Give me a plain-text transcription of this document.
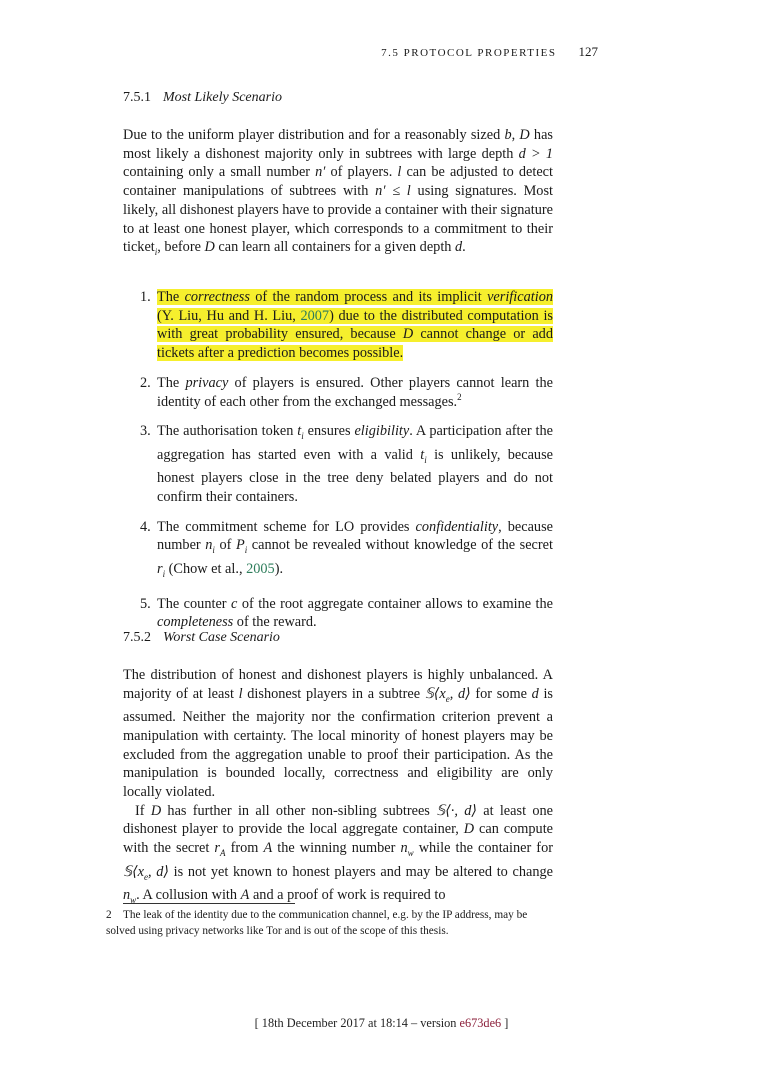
7.5 PROTOCOL PROPERTIES 127
7.5.1 Most Likely Scenario

Due to the uniform player distribution and for a reasonably sized b, D has most likely a dishonest majority only in subtrees with large depth d > 1 containing only a small number n′ of players. l can be adjusted to detect container manipulations of subtrees with n′ ≤ l using signatures. Most likely, all dishonest players have to provide a container with their signature to at least one honest player, which corresponds to a commitment to their ticket$_i$, before D can learn all containers for a given depth d.

1. The correctness of the random process and its implicit verification (Y. Liu, Hu and H. Liu, 2007) due to the distributed computation is with great probability ensured, because D cannot change or add tickets after a prediction becomes possible.
2. The privacy of players is ensured. Other players cannot learn the identity of each other from the exchanged messages.$^2$
3. The authorisation token $t_i$ ensures eligibility. A participation after the aggregation has started even with a valid $t_i$ is unlikely, because honest players close in the tree deny belated players and do not confirm their containers.
4. The commitment scheme for LO provides confidentiality, because number $n_i$ of $P_i$ cannot be revealed without knowledge of the secret $r_i$ (Chow et al., 2005).
5. The counter c of the root aggregate container allows to examine the completeness of the reward.
7.5.2 Worst Case Scenario

The distribution of honest and dishonest players is highly unbalanced. A majority of at least l dishonest players in a subtree $𝕊⟨x_e$, d⟩ for some d is assumed. Neither the majority nor the confirmation criterion prevent a manipulation with certainty. The local minority of honest players may be excluded from the aggregation unable to proof their participation. As the manipulation is bounded locally, correctness and eligibility are only locally violated.

If D has further in all other non-sibling subtrees 𝕊⟨·, d⟩ at least one dishonest player to provide the local aggregate container, D can compute with the secret $r_A$ from A the winning number $n_w$ while the container for $𝕊⟨x_e$, d⟩ is not yet known to honest players and may be altered to change $n_w$. A collusion with A and a proof of work is required to

2 The leak of the identity due to the communication channel, e.g. by the IP address, may be solved using privacy networks like Tor and is out of the scope of this thesis.
[ 18th December 2017 at 18:14 – version e673de6 ]
